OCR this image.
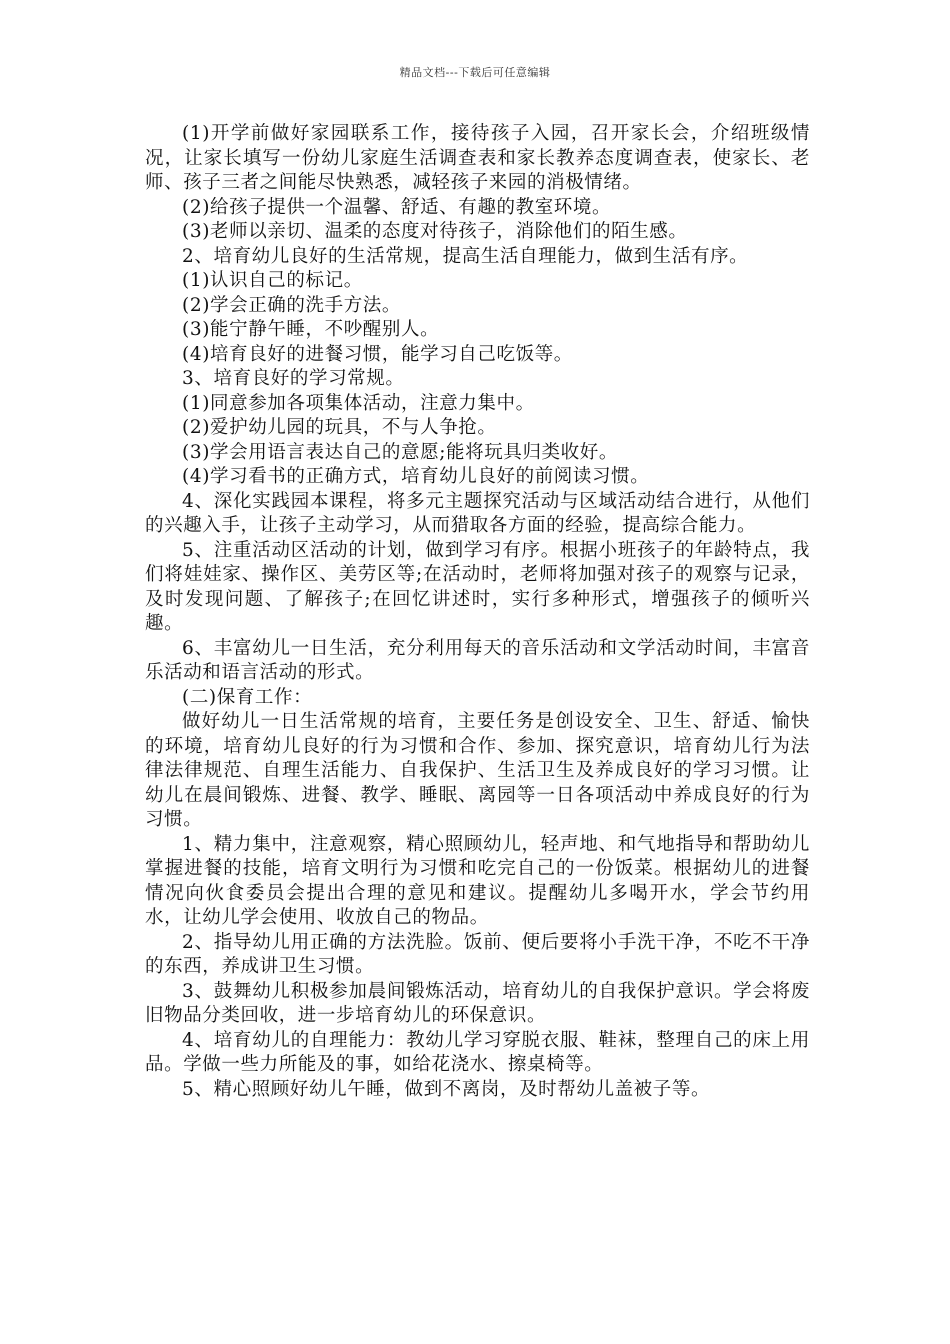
精品文档---下载后可任意编辑

(1)开学前做好家园联系工作，接待孩子入园，召开家长会，介绍班级情况，让家长填写一份幼儿家庭生活调查表和家长教养态度调查表，使家长、老师、孩子三者之间能尽快熟悉，减轻孩子来园的消极情绪。

(2)给孩子提供一个温馨、舒适、有趣的教室环境。

(3)老师以亲切、温柔的态度对待孩子，消除他们的陌生感。

2、培育幼儿良好的生活常规，提高生活自理能力，做到生活有序。

(1)认识自己的标记。

(2)学会正确的洗手方法。

(3)能宁静午睡，不吵醒别人。

(4)培育良好的进餐习惯，能学习自己吃饭等。

3、培育良好的学习常规。

(1)同意参加各项集体活动，注意力集中。

(2)爱护幼儿园的玩具，不与人争抢。

(3)学会用语言表达自己的意愿;能将玩具归类收好。

(4)学习看书的正确方式，培育幼儿良好的前阅读习惯。

4、深化实践园本课程，将多元主题探究活动与区域活动结合进行，从他们的兴趣入手，让孩子主动学习，从而猎取各方面的经验，提高综合能力。

5、注重活动区活动的计划，做到学习有序。根据小班孩子的年龄特点，我们将娃娃家、操作区、美劳区等;在活动时，老师将加强对孩子的观察与记录，及时发现问题、了解孩子;在回忆讲述时，实行多种形式，增强孩子的倾听兴趣。

6、丰富幼儿一日生活，充分利用每天的音乐活动和文学活动时间，丰富音乐活动和语言活动的形式。

(二)保育工作：

做好幼儿一日生活常规的培育，主要任务是创设安全、卫生、舒适、愉快的环境，培育幼儿良好的行为习惯和合作、参加、探究意识，培育幼儿行为法律法律规范、自理生活能力、自我保护、生活卫生及养成良好的学习习惯。让幼儿在晨间锻炼、进餐、教学、睡眠、离园等一日各项活动中养成良好的行为习惯。

1、精力集中，注意观察，精心照顾幼儿，轻声地、和气地指导和帮助幼儿掌握进餐的技能，培育文明行为习惯和吃完自己的一份饭菜。根据幼儿的进餐情况向伙食委员会提出合理的意见和建议。提醒幼儿多喝开水，学会节约用水，让幼儿学会使用、收放自己的物品。

2、指导幼儿用正确的方法洗脸。饭前、便后要将小手洗干净，不吃不干净的东西，养成讲卫生习惯。

3、鼓舞幼儿积极参加晨间锻炼活动，培育幼儿的自我保护意识。学会将废旧物品分类回收，进一步培育幼儿的环保意识。

4、培育幼儿的自理能力：教幼儿学习穿脱衣服、鞋袜，整理自己的床上用品。学做一些力所能及的事，如给花浇水、擦桌椅等。

5、精心照顾好幼儿午睡，做到不离岗，及时帮幼儿盖被子等。
